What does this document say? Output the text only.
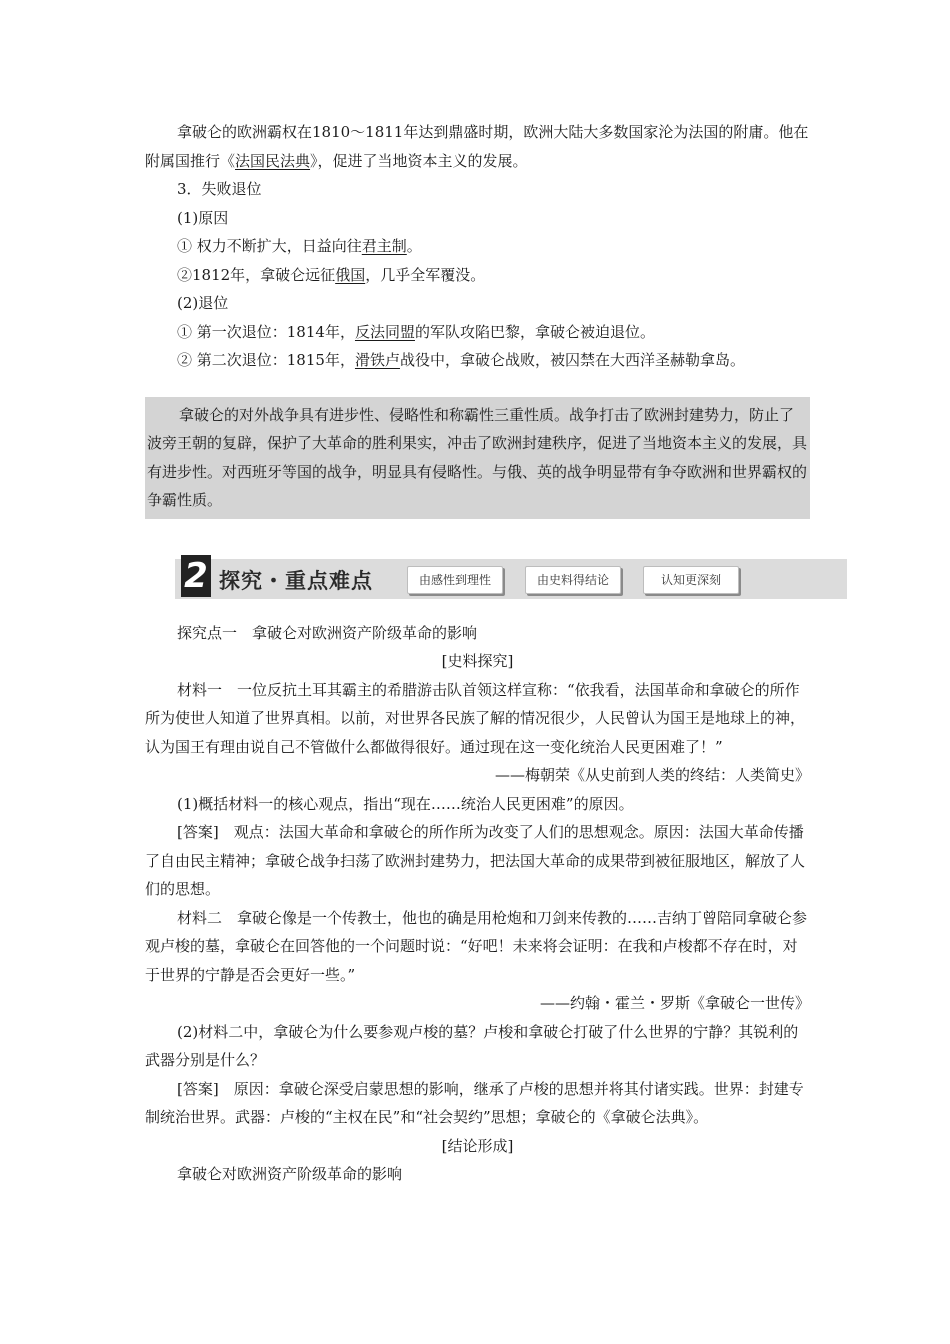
拿破仑的欧洲霸权在1810～1811年达到鼎盛时期，欧洲大陆大多数国家沦为法国的附庸。他在附属国推行《法国民法典》，促进了当地资本主义的发展。

3．失败退位

(1)原因

① 权力不断扩大，日益向往君主制。

②1812年，拿破仑远征俄国，几乎全军覆没。

(2)退位

① 第一次退位：1814年，反法同盟的军队攻陷巴黎，拿破仑被迫退位。

② 第二次退位：1815年，滑铁卢战役中，拿破仑战败，被囚禁在大西洋圣赫勒拿岛。

拿破仑的对外战争具有进步性、侵略性和称霸性三重性质。战争打击了欧洲封建势力，防止了波旁王朝的复辟，保护了大革命的胜利果实，冲击了欧洲封建秩序，促进了当地资本主义的发展，具有进步性。对西班牙等国的战争，明显具有侵略性。与俄、英的战争明显带有争夺欧洲和世界霸权的争霸性质。

2 探究・重点难点	由感性到理性	由史料得结论	认知更深刻

探究点一　拿破仑对欧洲资产阶级革命的影响

[史料探究]

材料一　一位反抗土耳其霸主的希腊游击队首领这样宣称：“依我看，法国革命和拿破仑的所作所为使世人知道了世界真相。以前，对世界各民族了解的情况很少，人民曾认为国王是地球上的神，认为国王有理由说自己不管做什么都做得很好。通过现在这一变化统治人民更困难了！”

——梅朝荣《从史前到人类的终结：人类简史》

(1)概括材料一的核心观点，指出“现在……统治人民更困难”的原因。

[答案]　观点：法国大革命和拿破仑的所作所为改变了人们的思想观念。原因：法国大革命传播了自由民主精神；拿破仑战争扫荡了欧洲封建势力，把法国大革命的成果带到被征服地区，解放了人们的思想。

材料二　拿破仑像是一个传教士，他也的确是用枪炮和刀剑来传教的……吉纳丁曾陪同拿破仑参观卢梭的墓，拿破仑在回答他的一个问题时说：“好吧！未来将会证明：在我和卢梭都不存在时，对于世界的宁静是否会更好一些。”

——约翰・霍兰・罗斯《拿破仑一世传》

(2)材料二中，拿破仑为什么要参观卢梭的墓？卢梭和拿破仑打破了什么世界的宁静？其锐利的武器分别是什么？

[答案]　原因：拿破仑深受启蒙思想的影响，继承了卢梭的思想并将其付诸实践。世界：封建专制统治世界。武器：卢梭的“主权在民”和“社会契约”思想；拿破仑的《拿破仑法典》。

[结论形成]

拿破仑对欧洲资产阶级革命的影响
